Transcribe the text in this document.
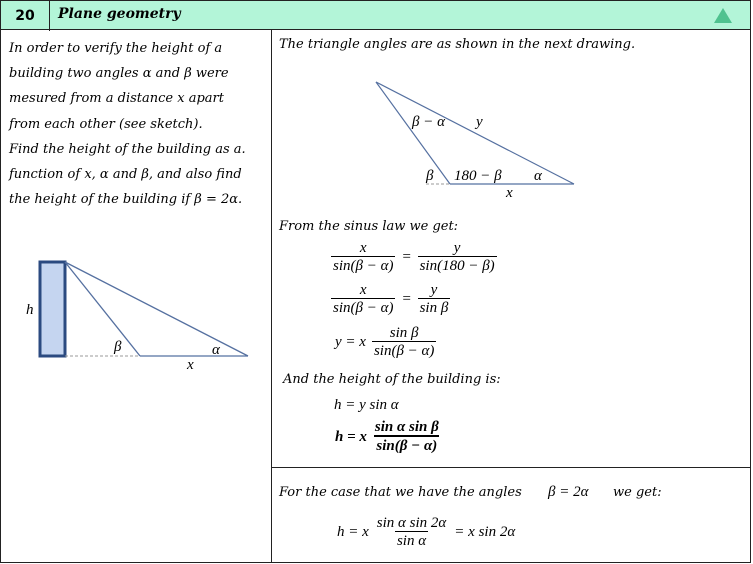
20	Plane geometry
In order to verify the height of a
building two angles α and β were
mesured from a distance x apart
from each other (see sketch).
Find the height of the building as a.
function of x, α and β, and also find
the height of the building if β = 2α.
h
β	α
x
The triangle angles are as shown in the next drawing.
β − α y
β 180 − β α
x
From the sinus law we get:
$\frac{x}{\sin(\beta - \alpha)} = \frac{y}{\sin(180 - \beta)}$
$\frac{x}{\sin(\beta - \alpha)} = \frac{y}{\text{sin β}}$
y = x $\frac{\text{sin β}}{\sin(\beta - \alpha)}$
And the height of the building is:
h = y sin α
h = x $\frac{\text{sin α sin β}}{\sin(\beta - \alpha)}$
For the case that we have the angles β = 2α we get:
h = x $\frac{\text{sin α sin 2α}}{\text{sin α}} = x$ sin 2α
